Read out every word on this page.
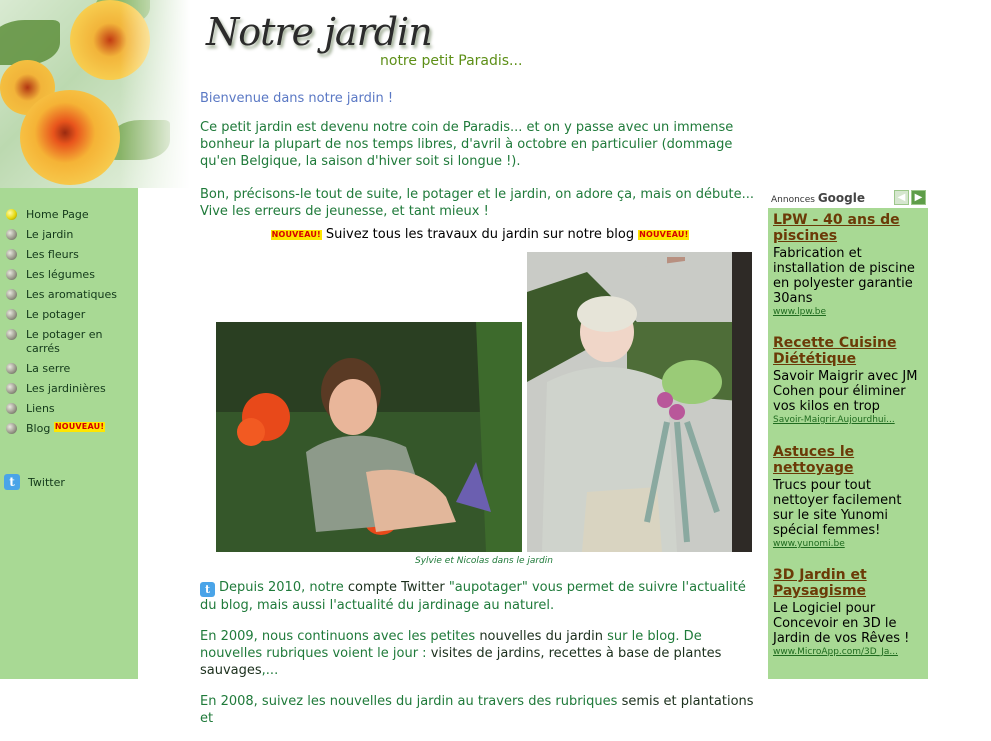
Notre jardin
notre petit Paradis...
Home Page
Le jardin
Les fleurs
Les légumes
Les aromatiques
Le potager
Le potager en carrés
La serre
Les jardinières
Liens
Blog
NOUVEAU!
t	Twitter

Bienvenue dans notre jardin !

Ce petit jardin est devenu notre coin de Paradis... et on y passe avec un immense bonheur la plupart de nos temps libres, d'avril à octobre en particulier (dommage qu'en Belgique, la saison d'hiver soit si longue !).

Bon, précisons-le tout de suite, le potager et le jardin, on adore ça, mais on débute... Vive les erreurs de jeunesse, et tant mieux !

NOUVEAU! Suivez tous les travaux du jardin sur notre blog NOUVEAU!
Sylvie et Nicolas dans le jardin

t Depuis 2010, notre compte Twitter "aupotager" vous permet de suivre l'actualité du blog, mais aussi l'actualité du jardinage au naturel.

En 2009, nous continuons avec les petites nouvelles du jardin sur le blog. De nouvelles rubriques voient le jour : visites de jardins, recettes à base de plantes sauvages,...

En 2008, suivez les nouvelles du jardin au travers des rubriques semis et plantations et

Annonces Google	◀ ▶
LPW - 40 ans de piscines
Fabrication et installation de piscine en polyester garantie 30ans
www.lpw.be
Recette Cuisine Diététique
Savoir Maigrir avec JM Cohen pour éliminer vos kilos en trop
Savoir-Maigrir.Aujourdhui...
Astuces le nettoyage
Trucs pour tout nettoyer facilement sur le site Yunomi spécial femmes!
www.yunomi.be
3D Jardin et Paysagisme
Le Logiciel pour Concevoir en 3D le Jardin de vos Rêves !
www.MicroApp.com/3D_Ja...
